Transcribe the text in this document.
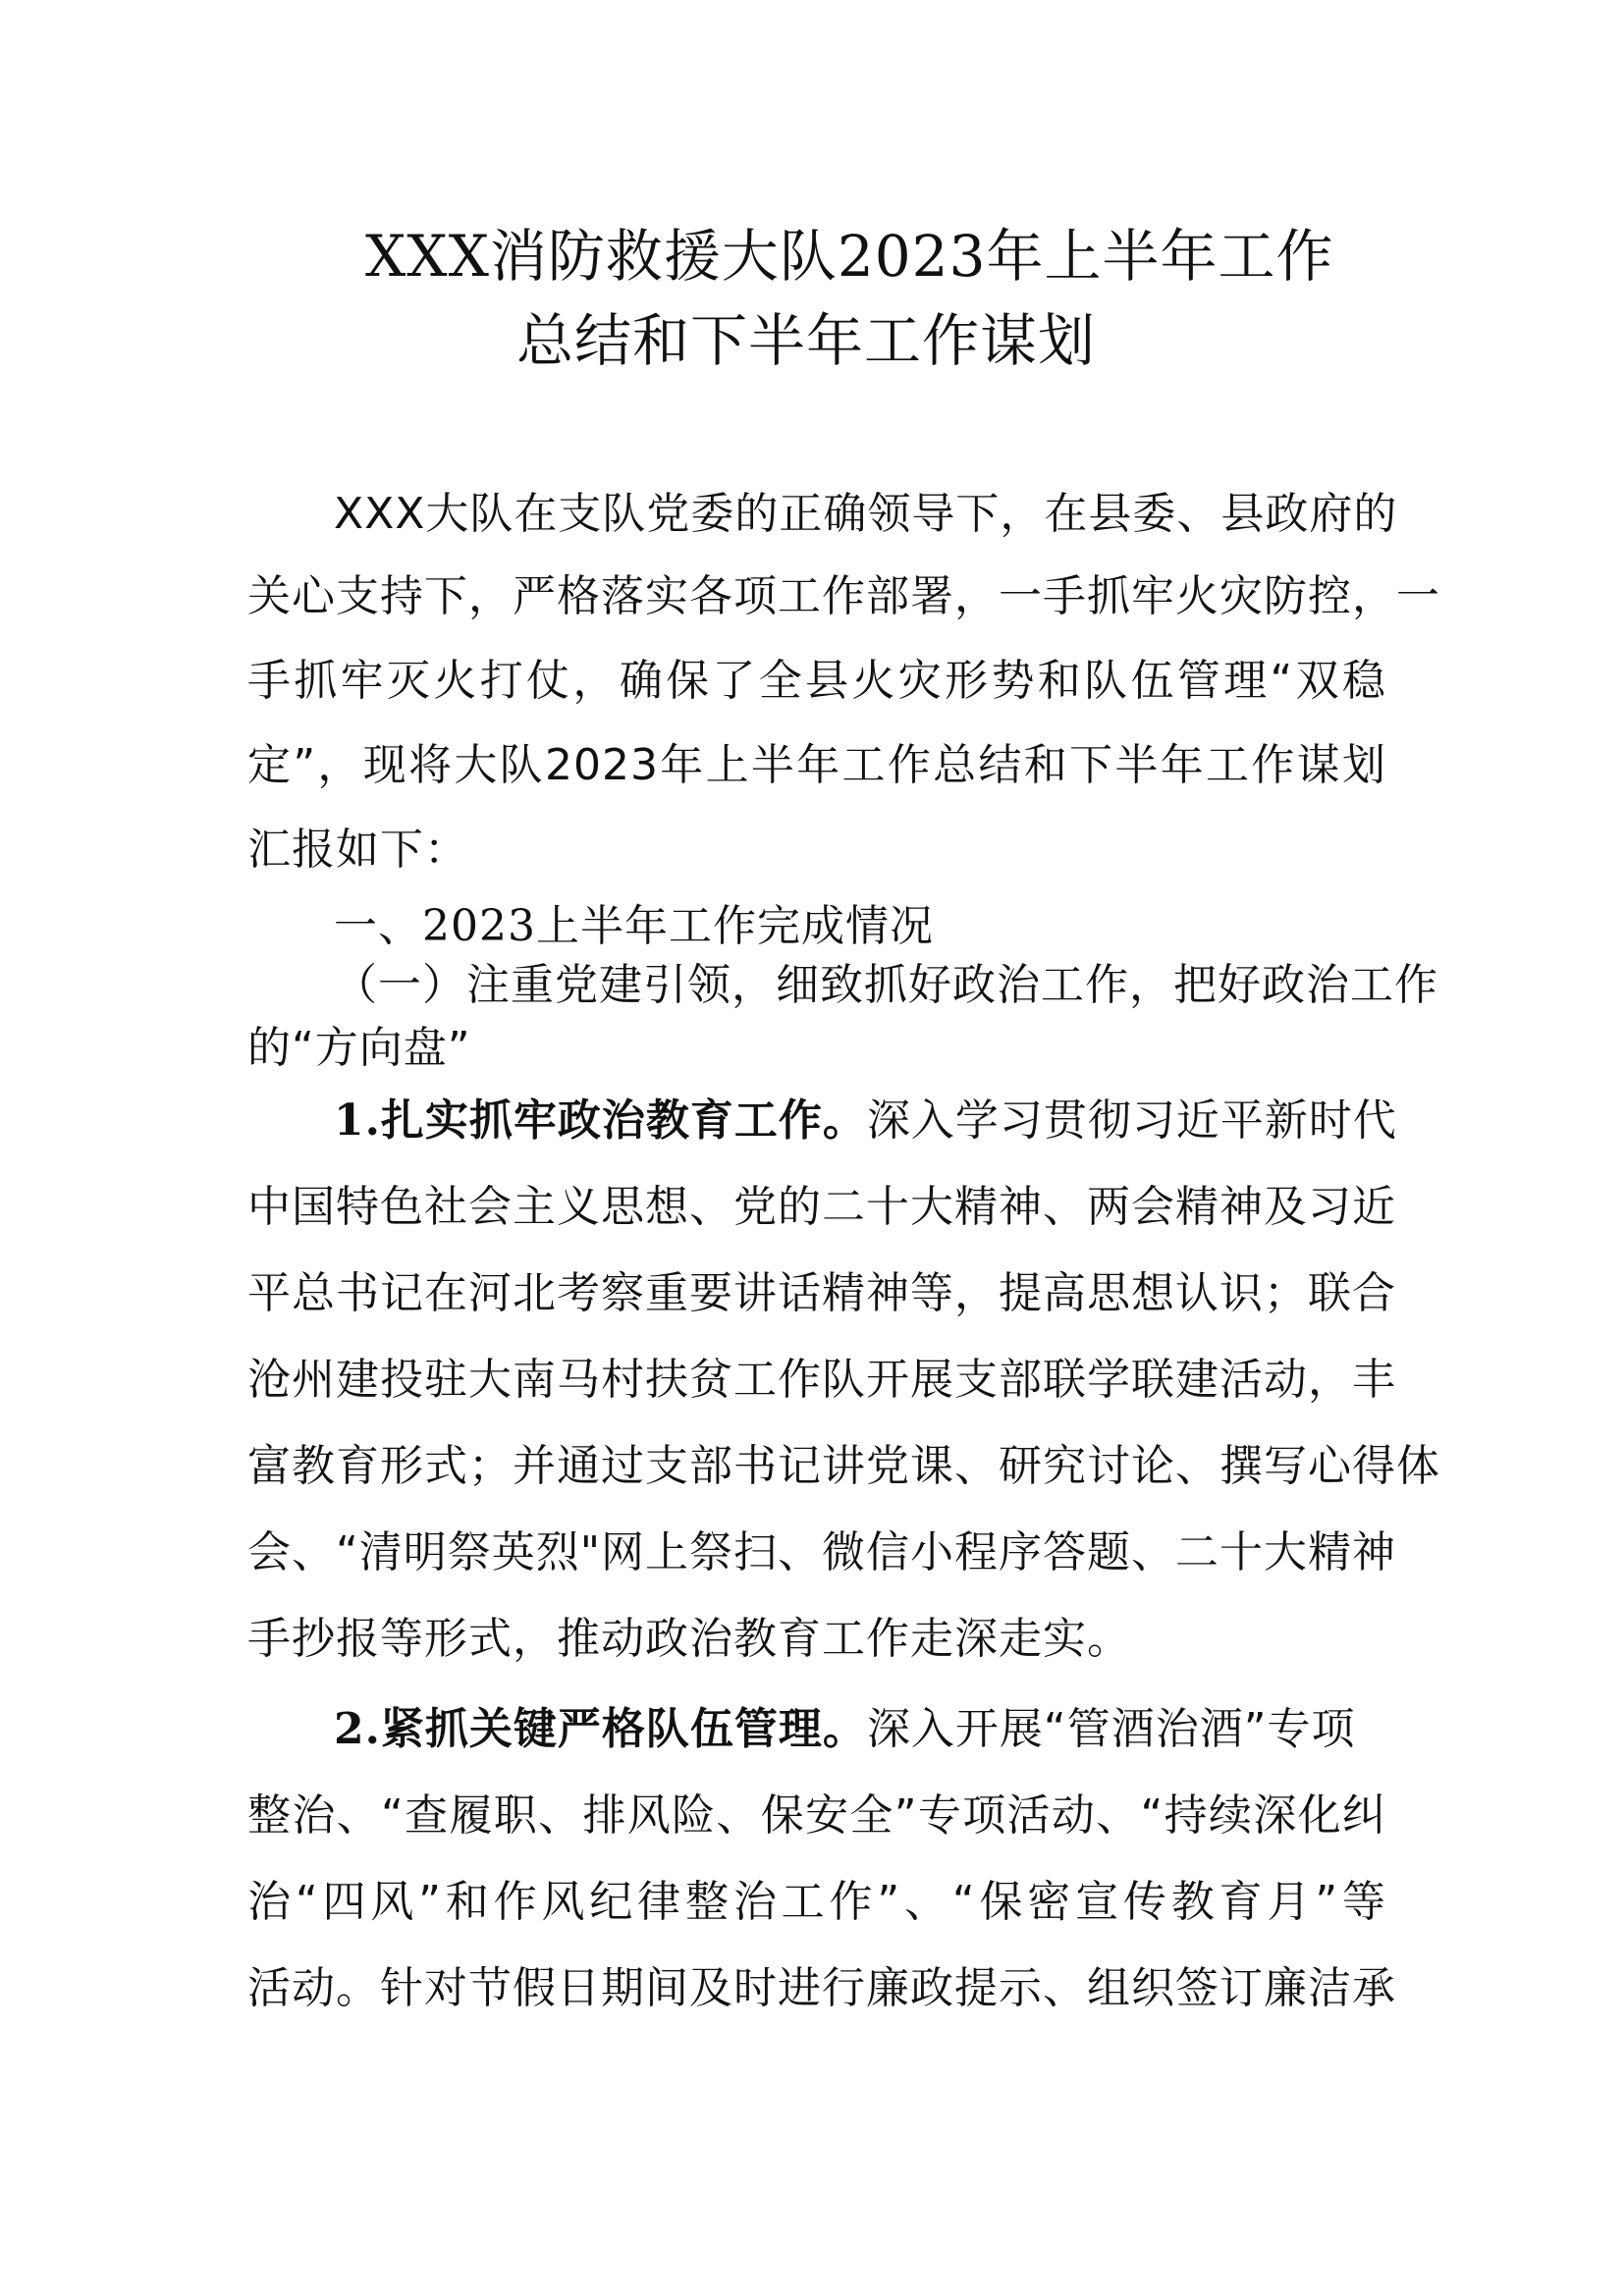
XXX消防救援大队2023年上半年工作
总结和下半年工作谋划

XXX大队在支队党委的正确领导下，在县委、县政府的

关心支持下，严格落实各项工作部署，一手抓牢火灾防控，一

手抓牢灭火打仗，确保了全县火灾形势和队伍管理“双稳

定”，现将大队2023年上半年工作总结和下半年工作谋划

汇报如下：

一、2023上半年工作完成情况

（一）注重党建引领，细致抓好政治工作，把好政治工作

的“方向盘”

1.扎实抓牢政治教育工作。深入学习贯彻习近平新时代

中国特色社会主义思想、党的二十大精神、两会精神及习近

平总书记在河北考察重要讲话精神等，提高思想认识；联合

沧州建投驻大南马村扶贫工作队开展支部联学联建活动，丰

富教育形式；并通过支部书记讲党课、研究讨论、撰写心得体

会、“清明祭英烈"网上祭扫、微信小程序答题、二十大精神

手抄报等形式，推动政治教育工作走深走实。

2.紧抓关键严格队伍管理。深入开展“管酒治酒”专项

整治、“查履职、排风险、保安全”专项活动、“持续深化纠

治“四风”和作风纪律整治工作”、“保密宣传教育月”等

活动。针对节假日期间及时进行廉政提示、组织签订廉洁承
